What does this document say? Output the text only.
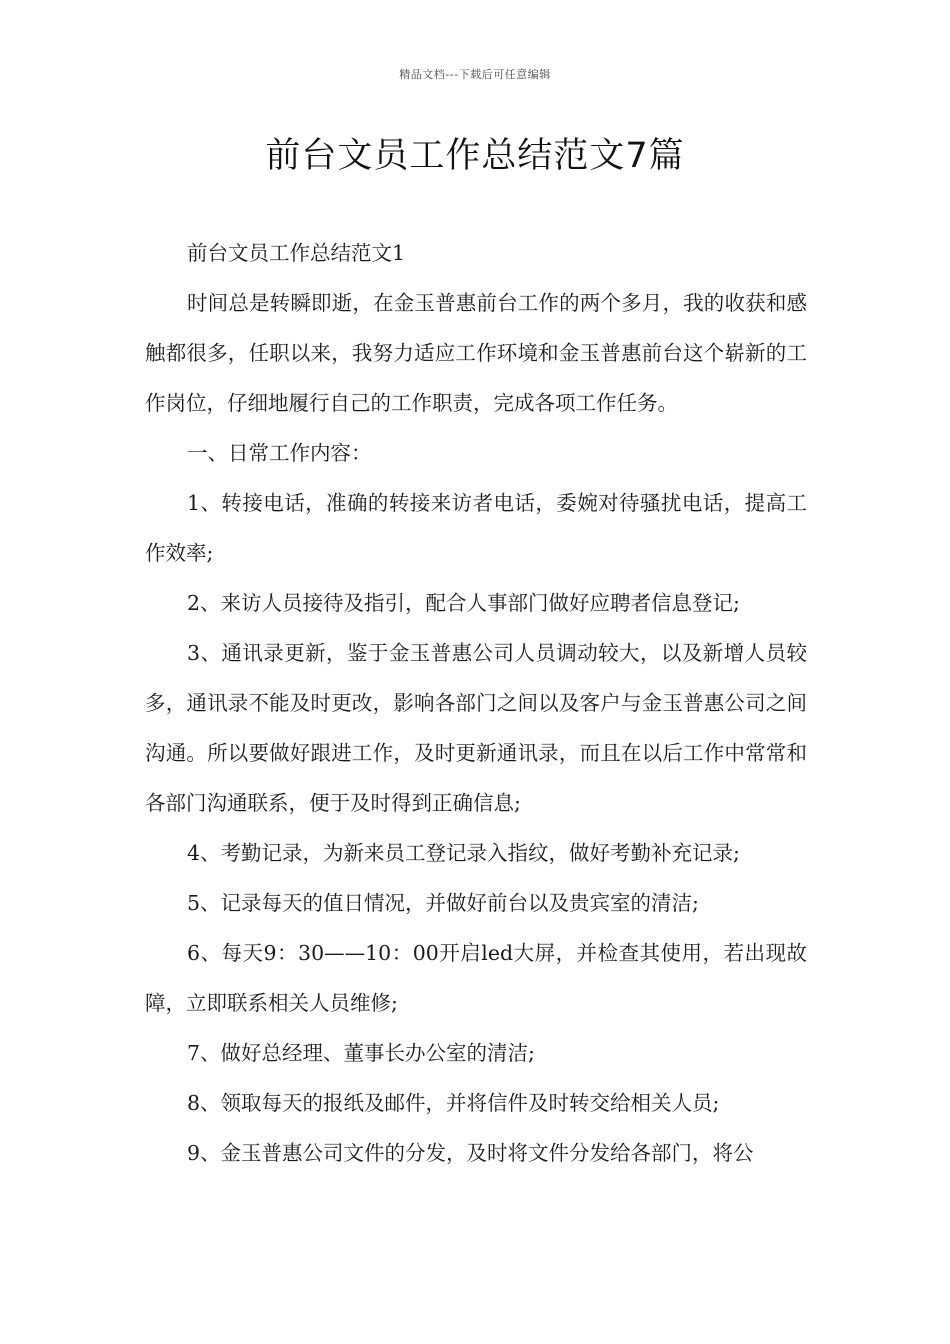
精品文档---下载后可任意编辑
前台文员工作总结范文7篇

前台文员工作总结范文1

时间总是转瞬即逝，在金玉普惠前台工作的两个多月，我的收获和感触都很多，任职以来，我努力适应工作环境和金玉普惠前台这个崭新的工作岗位，仔细地履行自己的工作职责，完成各项工作任务。

一、日常工作内容：

1、转接电话，准确的转接来访者电话，委婉对待骚扰电话，提高工作效率;

2、来访人员接待及指引，配合人事部门做好应聘者信息登记;

3、通讯录更新，鉴于金玉普惠公司人员调动较大，以及新增人员较多，通讯录不能及时更改，影响各部门之间以及客户与金玉普惠公司之间沟通。所以要做好跟进工作，及时更新通讯录，而且在以后工作中常常和各部门沟通联系，便于及时得到正确信息;

4、考勤记录，为新来员工登记录入指纹，做好考勤补充记录;

5、记录每天的值日情况，并做好前台以及贵宾室的清洁;

6、每天9：30——10：00开启led大屏，并检查其使用，若出现故障，立即联系相关人员维修;

7、做好总经理、董事长办公室的清洁;

8、领取每天的报纸及邮件，并将信件及时转交给相关人员;

9、金玉普惠公司文件的分发，及时将文件分发给各部门，将公
